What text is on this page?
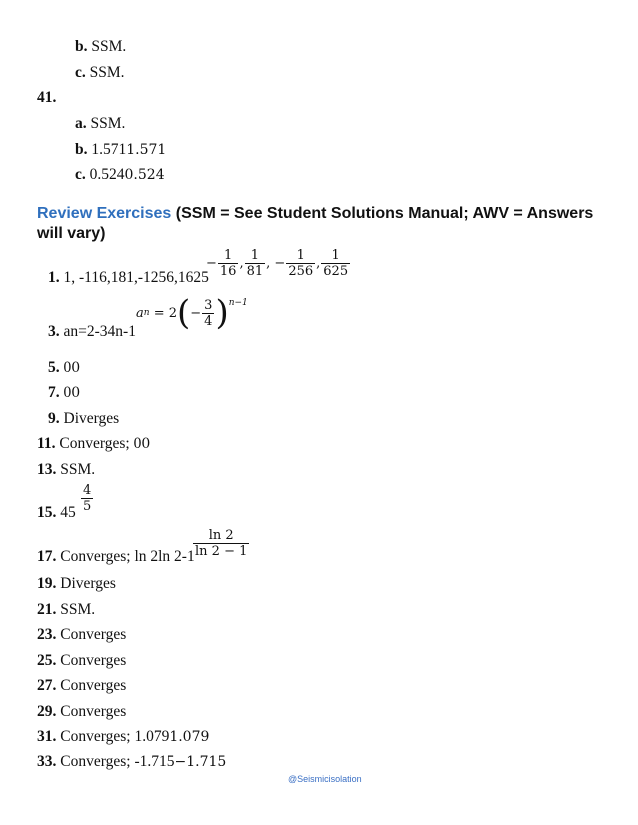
b. SSM.
c. SSM.
41.
a. SSM.
b. 1.5711.571
c. 0.5240.524
Review Exercises (SSM = See Student Solutions Manual; AWV = Answers will vary)
1. 1, -116,181,-1256,1625
− $\frac{1}{16}$ , $\frac{1}{81}$ , − $\frac{1}{256}$ , $\frac{1}{625}$
3. an=2-34n-1
a n = 2 ( − $\frac{3}{4} )^{n-1}$
5. 00
7. 00
9. Diverges
11. Converges; 00
13. SSM.
15. $45 \frac{4}{5}$
17. Converges; ln 2ln 2-1
$\frac{\ln 2}{\ln 2 - 1}$
19. Diverges
21. SSM.
23. Converges
25. Converges
27. Converges
29. Converges
31. Converges; 1.0791.079
33. Converges; -1.715−1.715
@Seismicisolation
